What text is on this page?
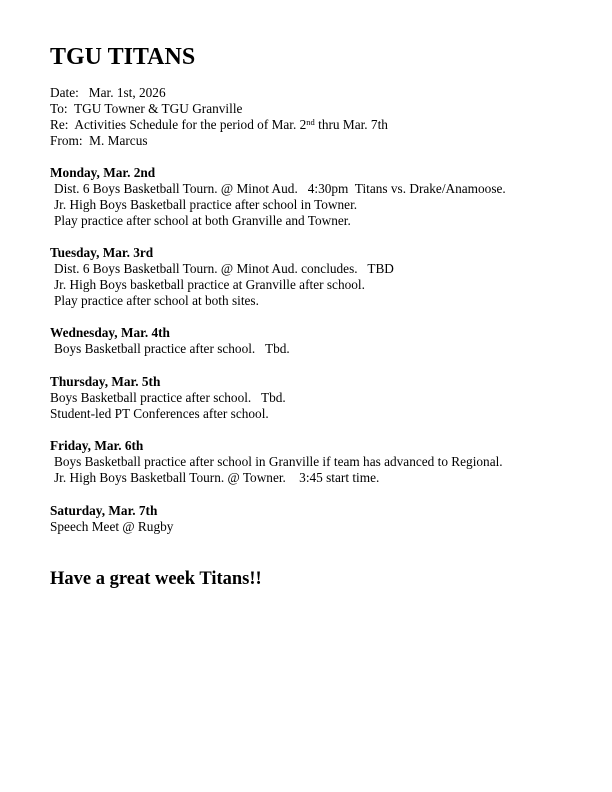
TGU TITANS
Date: Mar. 1st, 2026
To: TGU Towner & TGU Granville
Re: Activities Schedule for the period of Mar. 2nd thru Mar. 7th
From: M. Marcus
Monday, Mar. 2nd
Dist. 6 Boys Basketball Tourn. @ Minot Aud.   4:30pm  Titans vs. Drake/Anamoose.
Jr. High Boys Basketball practice after school in Towner.
Play practice after school at both Granville and Towner.
Tuesday, Mar. 3rd
Dist. 6 Boys Basketball Tourn. @ Minot Aud. concludes.   TBD
Jr. High Boys basketball practice at Granville after school.
Play practice after school at both sites.
Wednesday, Mar. 4th
Boys Basketball practice after school.   Tbd.
Thursday, Mar. 5th
Boys Basketball practice after school.   Tbd.
Student-led PT Conferences after school.
Friday, Mar. 6th
Boys Basketball practice after school in Granville if team has advanced to Regional.
Jr. High Boys Basketball Tourn. @ Towner.    3:45 start time.
Saturday, Mar. 7th
Speech Meet @ Rugby
Have a great week Titans!!
